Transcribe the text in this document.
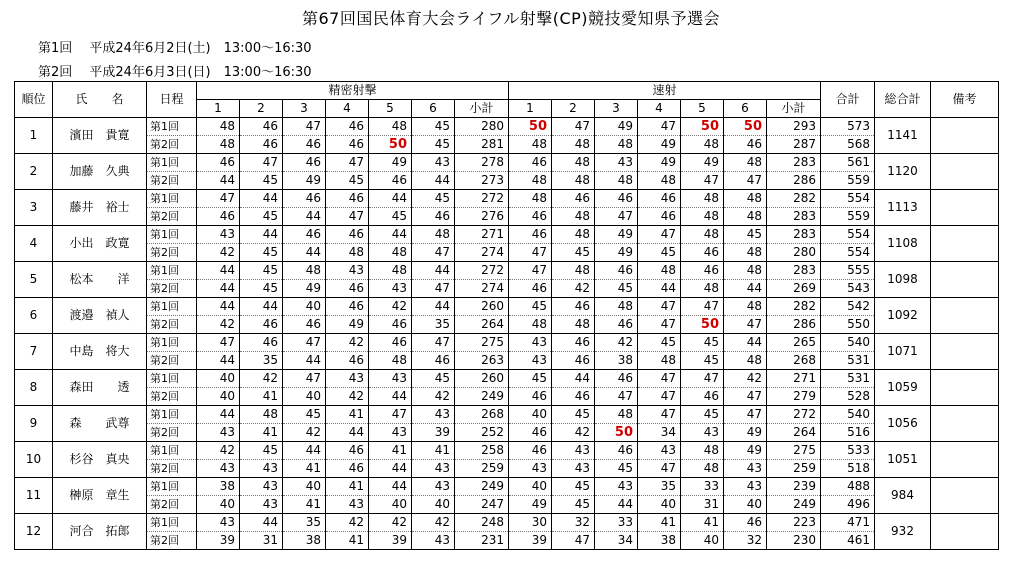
第67回国民体育大会ライフル射撃(CP)競技愛知県予選会
第1回　 平成24年6月2日(土)　13:00〜16:30
第2回　 平成24年6月3日(日)　13:00〜16:30
順位	氏　　名	日程	精密射撃							速射							合計	総合計	備考
			1	2	3	4	5	6	小計	1	2	3	4	5	6	小計			
1	濱田　貴寛	第1回	48	46	47	46	48	45	280	50	47	49	47	50	50	293	573	1141	
		第2回	48	46	46	46	50	45	281	48	48	48	49	48	46	287	568		
2	加藤　久典	第1回	46	47	46	47	49	43	278	46	48	43	49	49	48	283	561	1120	
		第2回	44	45	49	45	46	44	273	48	48	48	48	47	47	286	559		
3	藤井　裕士	第1回	47	44	46	46	44	45	272	48	46	46	46	48	48	282	554	1113	
		第2回	46	45	44	47	45	46	276	46	48	47	46	48	48	283	559		
4	小出　政寛	第1回	43	44	46	46	44	48	271	46	48	49	47	48	45	283	554	1108	
		第2回	42	45	44	48	48	47	274	47	45	49	45	46	48	280	554		
5	松本　　洋	第1回	44	45	48	43	48	44	272	47	48	46	48	46	48	283	555	1098	
		第2回	44	45	49	46	43	47	274	46	42	45	44	48	44	269	543		
6	渡邉　禎人	第1回	44	44	40	46	42	44	260	45	46	48	47	47	48	282	542	1092	
		第2回	42	46	46	49	46	35	264	48	48	46	47	50	47	286	550		
7	中島　将大	第1回	47	46	47	42	46	47	275	43	46	42	45	45	44	265	540	1071	
		第2回	44	35	44	46	48	46	263	43	46	38	48	45	48	268	531		
8	森田　　透	第1回	40	42	47	43	43	45	260	45	44	46	47	47	42	271	531	1059	
		第2回	40	41	40	42	44	42	249	46	46	47	47	46	47	279	528		
9	森　　武尊	第1回	44	48	45	41	47	43	268	40	45	48	47	45	47	272	540	1056	
		第2回	43	41	42	44	43	39	252	46	42	50	34	43	49	264	516		
10	杉谷　真央	第1回	42	45	44	46	41	41	258	46	43	46	43	48	49	275	533	1051	
		第2回	43	43	41	46	44	43	259	43	43	45	47	48	43	259	518		
11	榊原　章生	第1回	38	43	40	41	44	43	249	40	45	43	35	33	43	239	488	984	
		第2回	40	43	41	43	40	40	247	49	45	44	40	31	40	249	496		
12	河合　拓郎	第1回	43	44	35	42	42	42	248	30	32	33	41	41	46	223	471	932	
		第2回	39	31	38	41	39	43	231	39	47	34	38	40	32	230	461		
